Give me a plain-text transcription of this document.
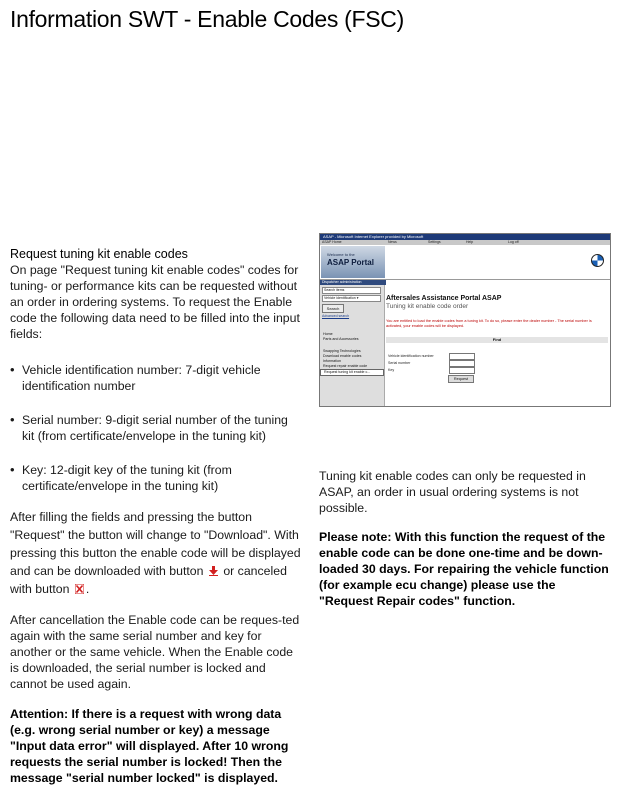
Information SWT - Enable Codes (FSC)
Request tuning kit enable codes

On page "Request tuning kit enable codes" codes for tuning- or performance kits can be requested without an order in ordering systems. To request the Enable code the following data need to be filled into the input fields:

• Vehicle identification number: 7-digit vehicle identification number
• Serial number: 9-digit serial number of the tuning kit (from certificate/envelope in the tuning kit)
• Key: 12-digit key of the tuning kit (from certificate/envelope in the tuning kit)

After filling the fields and pressing the button "Request" the button will change to "Download". With pressing this button the enable code will be displayed and can be downloaded with button or canceled with button .

After cancellation the Enable code can be reques-ted again with the same serial number and key for another or the same vehicle. When the Enable code is downloaded, the serial number is locked and cannot be used again.

Attention: If there is a request with wrong data (e.g. wrong serial number or key) a message "Input data error" will displayed. After 10 wrong requests the serial number is locked! Then the message "serial number locked" is displayed.

ASAP - Microsoft Internet Explorer provided by Microsoft
ASAP Home	News	Settings	Help	Log off
Welcome to the
ASAP Portal
Dispatcher administration
Search items
Vehicle identification ▾
Search
Advanced search
Home
Parts and Accessories
Swapping Technologies
Download enable codes
Information
Request repair enable code
Request tuning kit enable c...
Aftersales Assistance Portal ASAP
Tuning kit enable code order
You are entitled to load the enable codes from a tuning kit. To do so, please enter the dealer number - The serial number is activated, your enable codes will be displayed.
Find
Vehicle identification number
Serial number
Key
Request

Tuning kit enable codes can only be requested in ASAP, an order in usual ordering systems is not possible.

Please note: With this function the request of the enable code can be done one-time and be down-loaded 30 days. For repairing the vehicle function (for example ecu change) please use the "Request Repair codes" function.
